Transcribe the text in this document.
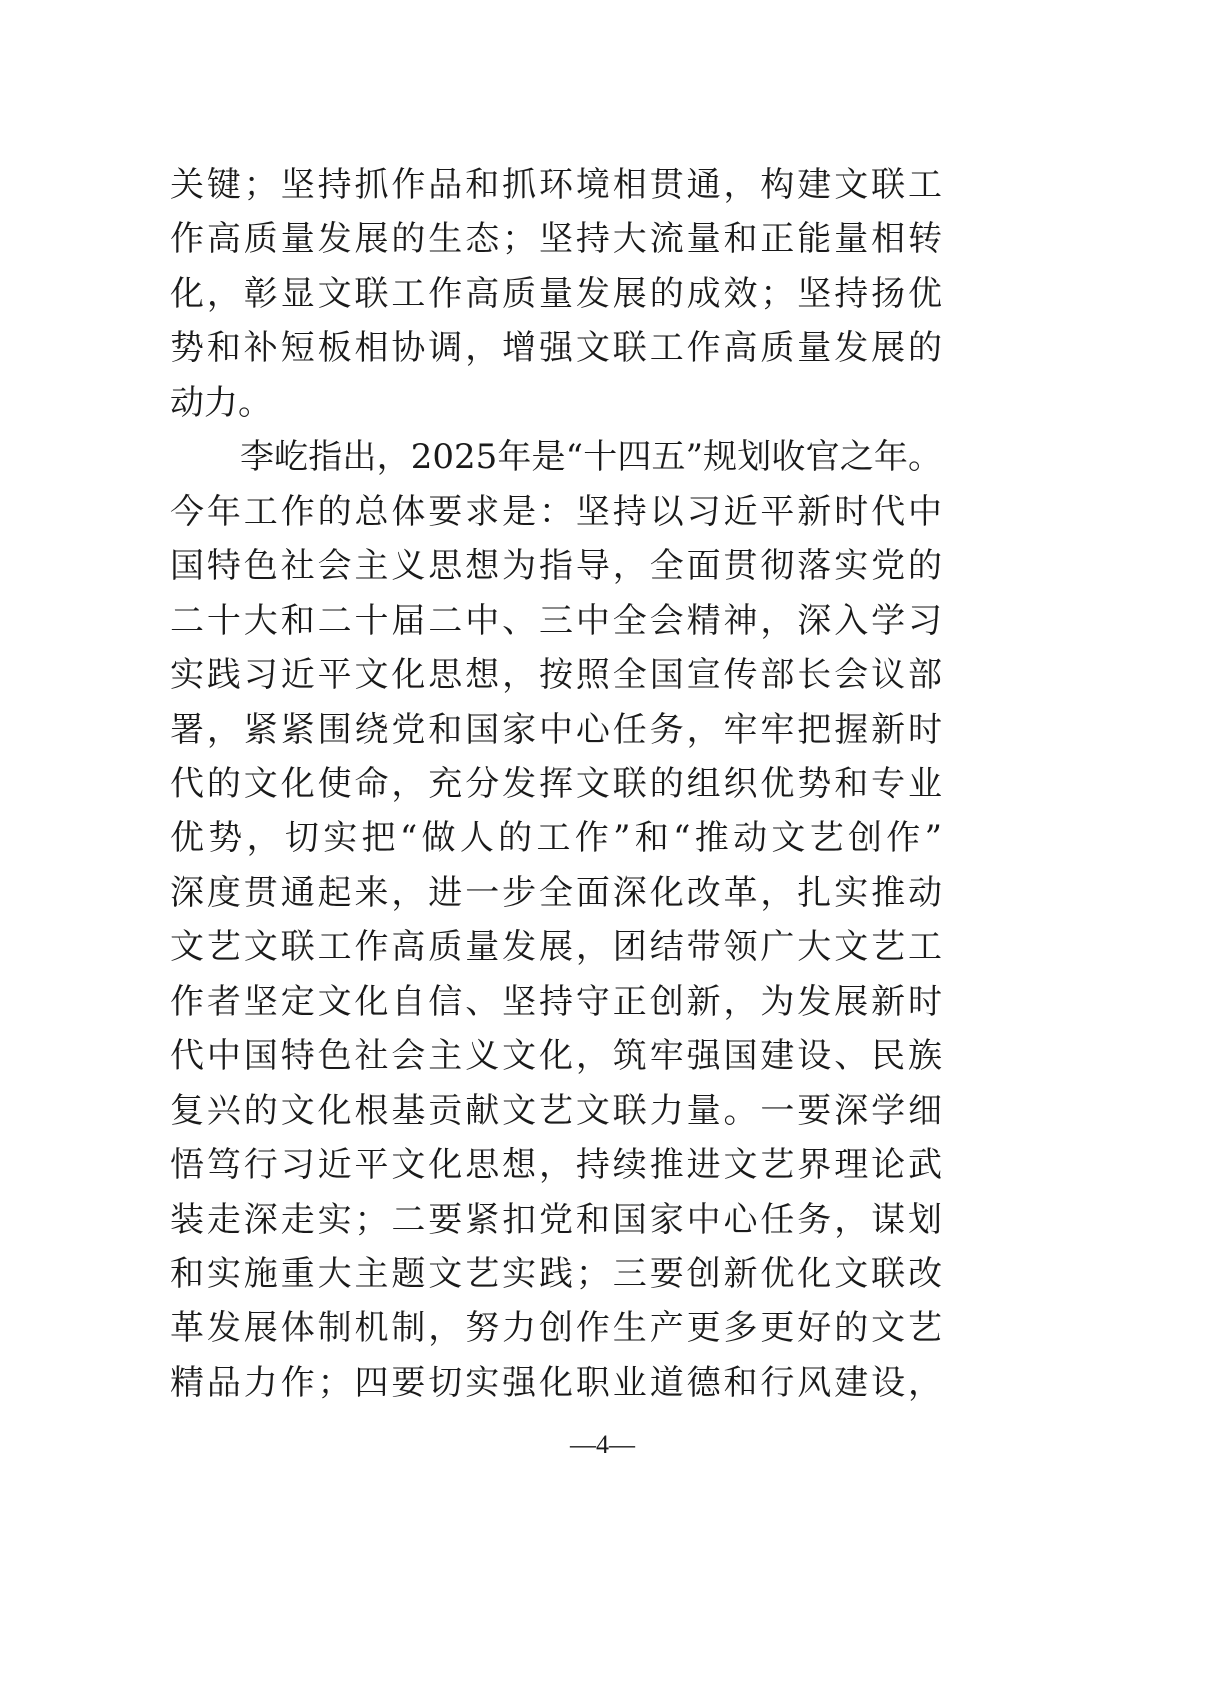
—4—
关键；坚持抓作品和抓环境相贯通，构建文联工
作高质量发展的生态；坚持大流量和正能量相转
化，彰显文联工作高质量发展的成效；坚持扬优
势和补短板相协调，增强文联工作高质量发展的
动力。
李屹指出，2025年是“十四五”规划收官之年。
今年工作的总体要求是：坚持以习近平新时代中
国特色社会主义思想为指导，全面贯彻落实党的
二十大和二十届二中、三中全会精神，深入学习
实践习近平文化思想，按照全国宣传部长会议部
署，紧紧围绕党和国家中心任务，牢牢把握新时
代的文化使命，充分发挥文联的组织优势和专业
优势，切实把“做人的工作”和“推动文艺创作”
深度贯通起来，进一步全面深化改革，扎实推动
文艺文联工作高质量发展，团结带领广大文艺工
作者坚定文化自信、坚持守正创新，为发展新时
代中国特色社会主义文化，筑牢强国建设、民族
复兴的文化根基贡献文艺文联力量。一要深学细
悟笃行习近平文化思想，持续推进文艺界理论武
装走深走实；二要紧扣党和国家中心任务，谋划
和实施重大主题文艺实践；三要创新优化文联改
革发展体制机制，努力创作生产更多更好的文艺
精品力作；四要切实强化职业道德和行风建设，
